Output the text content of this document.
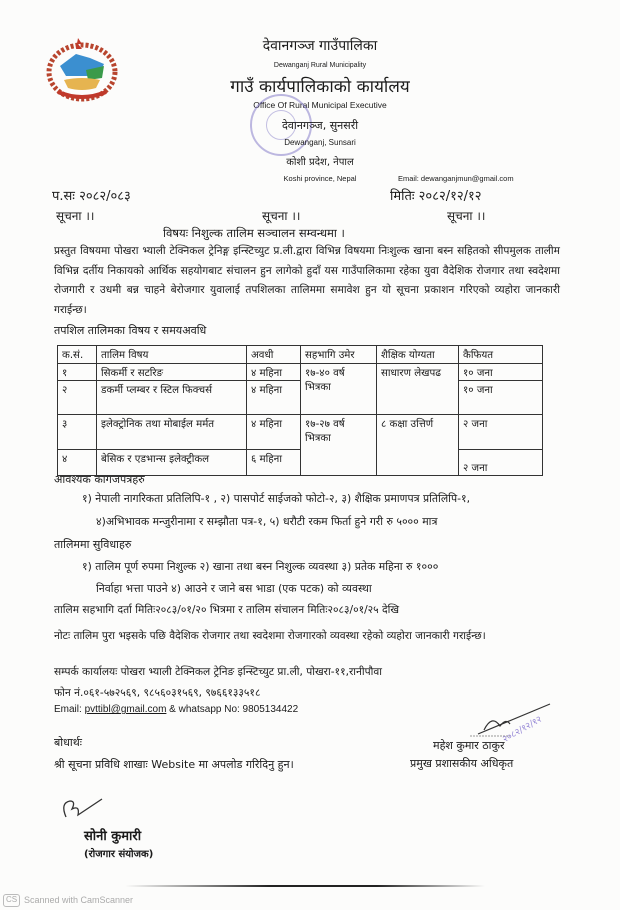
देवानगञ्ज गाउँपालिका
Dewanganj Rural Municipality
गाउँ कार्यपालिकाको कार्यालय
Office Of Rural Municipal Executive
देवानगञ्ज, सुनसरी
Dewanganj, Sunsari
कोशी प्रदेश, नेपाल
Koshi province, Nepal	Email: dewanganjmun@gmail.com
प.सः २०८२/०८३	मितिः २०८२/१२/१२
सूचना ।।	सूचना ।।	सूचना ।।
विषयः निशुल्क तालिम सञ्चालन सम्वन्धमा ।
प्रस्तुत विषयमा पोखरा भ्याली टेक्निकल ट्रेनिङ्ग इन्स्टिच्युट प्र.ली.द्वारा विभिन्न विषयमा निःशुल्क खाना बस्न सहितको सीपमुलक तालीम विभिन्न दर्तीय निकायको आर्थिक सहयोगबाट संचालन हुन लागेको हुदाँ यस गाउँपालिकामा रहेका युवा वैदेशिक रोजगार तथा स्वदेशमा रोजगारी र उधमी बन्न चाहने बेरोजगार युवालाई तपशिलका तालिममा समावेश हुन यो सूचना प्रकाशन गरिएको व्यहोरा जानकारी गराईन्छ।
तपशिल तालिमका विषय र समयअवधि
क.सं.	तालिम विषय	अवधी	सहभागि उमेर	शैक्षिक योग्यता	कैफियत
१	सिकर्मी र सटरिङ	४ महिना	१७-४० वर्ष भित्रका	साधारण लेखपढ	१० जना
२	डकर्मी प्लम्बर र स्टिल फिक्चर्स	४ महिना			१० जना
३	इलेक्ट्रोनिक तथा मोबाईल मर्मत	४ महिना	१७-२७ वर्ष भित्रका	८ कक्षा उत्तिर्ण	२ जना
४	बेसिक र एडभान्स इलेक्ट्रीकल	६ महिना			२ जना
आवश्यक कागजपत्रहरु
१) नेपाली नागरिकता प्रतिलिपि-१ , २) पासपोर्ट साईजको फोटो-२, ३) शैक्षिक प्रमाणपत्र प्रतिलिपि-१,
४)अभिभावक मन्जुरीनामा र सम्झौता पत्र-१, ५) धरौटी रकम फिर्ता हुने गरी रु ५००० मात्र
तालिममा सुविधाहरु
१) तालिम पूर्ण रुपमा निशुल्क २) खाना तथा बस्न निशुल्क व्यवस्था ३) प्रतेक महिना रु १०००
निर्वाहा भत्ता पाउने ४) आउने र जाने बस भाडा (एक पटक) को व्यवस्था
तालिम सहभागि दर्ता मितिः२०८३/०१/२० भित्रमा र तालिम संचालन मितिः२०८३/०१/२५ देखि
नोटः तालिम पुरा भइसके पछि वैदेशिक रोजगार तथा स्वदेशमा रोजगारको व्यवस्था रहेको व्यहोरा जानकारी गराईन्छ।
सम्पर्क कार्यालयः पोखरा भ्याली टेक्निकल ट्रेनिङ इन्स्टिच्युट प्रा.ली, पोखरा-११,रानीपौवा
फोन नं.०६१-५७२५६९, ९८५६०३१५६९, ९७६६१३३५१८
Email: pvttibl@gmail.com & whatsapp No: 9805134422
बोधार्थः
श्री सूचना प्रविधि शाखाः Website मा अपलोड गरिदिनु हुन।
२०८२/१२/१२
महेश कुमार ठाकुर
प्रमुख प्रशासकीय अधिकृत
सोनी कुमारी
(रोजगार संयोजक)
CS Scanned with CamScanner
